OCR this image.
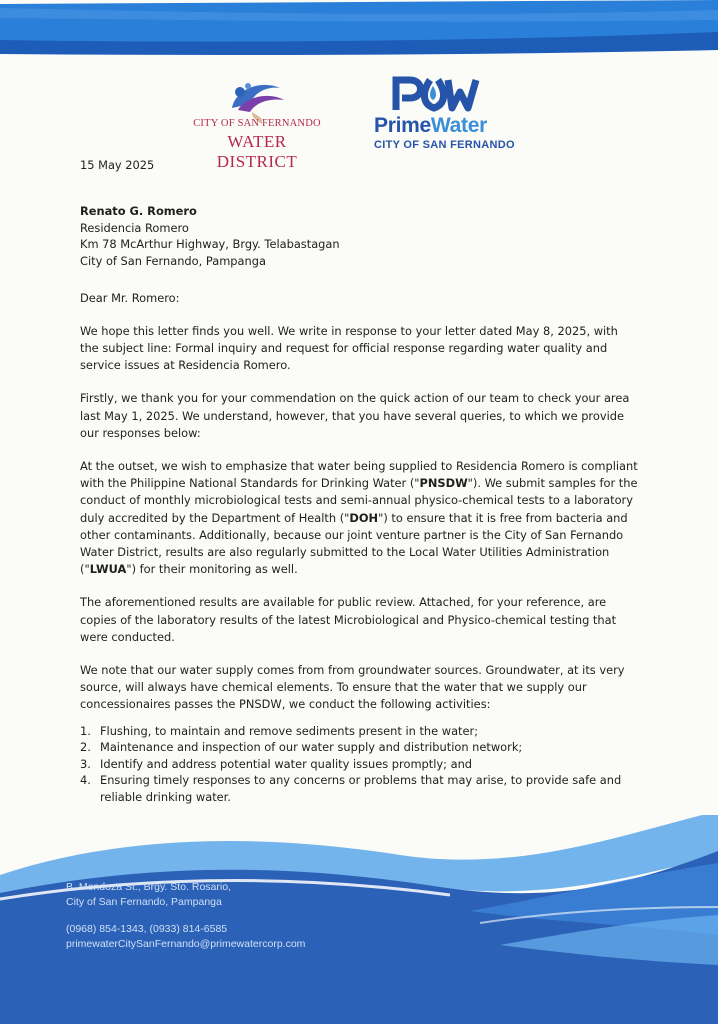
CITY OF SAN FERNANDO
WATER DISTRICT
PrimeWater
CITY OF SAN FERNANDO
15 May 2025
Renato G. Romero
Residencia Romero
Km 78 McArthur Highway, Brgy. Telabastagan
City of San Fernando, Pampanga
Dear Mr. Romero:
We hope this letter finds you well. We write in response to your letter dated May 8, 2025, with the subject line: Formal inquiry and request for official response regarding water quality and service issues at Residencia Romero.
Firstly, we thank you for your commendation on the quick action of our team to check your area last May 1, 2025. We understand, however, that you have several queries, to which we provide our responses below:
At the outset, we wish to emphasize that water being supplied to Residencia Romero is compliant with the Philippine National Standards for Drinking Water ("PNSDW"). We submit samples for the conduct of monthly microbiological tests and semi-annual physico-chemical tests to a laboratory duly accredited by the Department of Health ("DOH") to ensure that it is free from bacteria and other contaminants. Additionally, because our joint venture partner is the City of San Fernando Water District, results are also regularly submitted to the Local Water Utilities Administration ("LWUA") for their monitoring as well.
The aforementioned results are available for public review. Attached, for your reference, are copies of the laboratory results of the latest Microbiological and Physico-chemical testing that were conducted.
We note that our water supply comes from from groundwater sources. Groundwater, at its very source, will always have chemical elements. To ensure that the water that we supply our concessionaires passes the PNSDW, we conduct the following activities:
1. Flushing, to maintain and remove sediments present in the water;
2. Maintenance and inspection of our water supply and distribution network;
3. Identify and address potential water quality issues promptly; and
4. Ensuring timely responses to any concerns or problems that may arise, to provide safe and reliable drinking water.
B. Mendoza St., Brgy. Sto. Rosario,
City of San Fernando, Pampanga
(0968) 854-1343, (0933) 814-6585
primewaterCitySanFernando@primewatercorp.com
